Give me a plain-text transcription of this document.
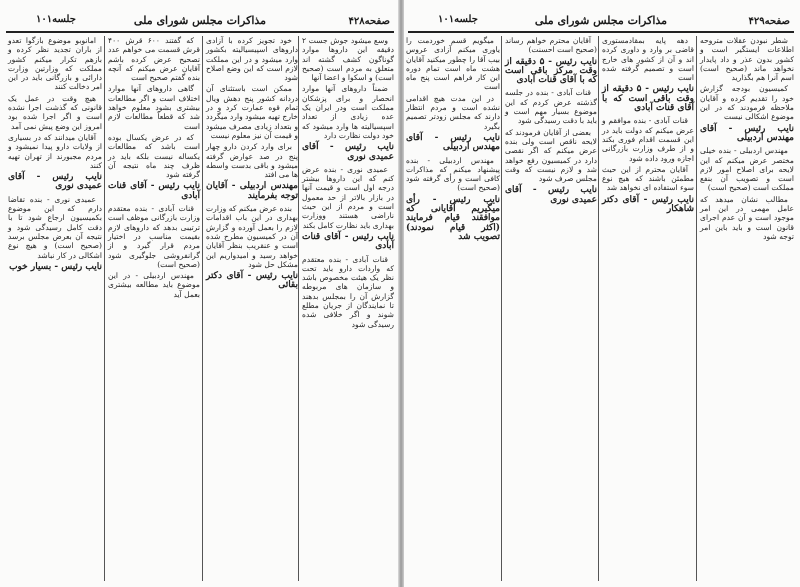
صفحه۴۲۸
مذاکرات مجلس شورای ملی
جلسه۱۰۱

وسع میشود جوش جست ۲ دقیقه این داروها موارد گوناگون کشف گشته اند متعلق به مردم است (صحیح است) و اسکوا و اعضا آنها

ضمناً داروهای آنها موارد انحصار و برای پزشکان مملکت است ودر ایران یک عده زیادی از تعداد اسپسیالیته ها وارد میشود که خود دولت نظارت دارد

نایب رئیس - آقای عمیدی نوری

عمیدی نوری - بنده عرض کنم که این داروها بیشتر درجه اول است و قیمت آنها در بازار بالاتر از حد معمول است و مردم از این حیث ناراضی هستند ووزارت بهداری باید نظارت کامل بکند

نایب رئیس - آقای قنات آبادی

قنات آبادی - بنده معتقدم که واردات دارو باید تحت نظر یک هیئت مخصوص باشد و سازمان های مربوطه گزارش آن را بمجلس بدهند تا نمایندگان از جریان مطلع شوند و اگر خلافی شده رسیدگی شود

خود تجویز کرده با آزادی داروهای اسپیسیالیته بکشور وارد میشود و در این مملکت لازم است که این وضع اصلاح شود

ممکن است باستثنای آن دردانه کشور پنج دهش ویال تمام قوه عمارت کرد و در خارج تهیه میشود وارد میگردد و بتعداد زیادی مصرف میشود و قیمت آن نیز معلوم نیست

برای وارد کردن دارو چهار پنج در صد عوارض گرفته میشود و باقی بدست واسطه ها می افتد

مهندس اردبیلی - آقایان توجه بفرمایند

بنده عرض میکنم که وزارت بهداری در این باب اقدامات لازم را بعمل آورده و گزارش آن در کمیسیون مطرح شده است و عنقریب بنظر آقایان خواهد رسید و امیدواریم این مشکل حل شود

نایب رئیس - آقای دکتر بقائی

که گفتند ۶۰۰ قرش ۴۰۰ قرش قسمت می خواهم عدد تصحیح عرض کرده باشم آقایان عرض میکنم که آنچه بنده گفتم صحیح است

گاهی داروهای آنها موارد اختلاف است و اگر مطالعات بیشتری بشود معلوم خواهد شد که قطعاً مطالعات لازم است

که در عرض یکسال بوده است باشد که مطالعات یکساله نیست بلکه باید در ظرف چند ماه نتیجه آن گرفته شود

نایب رئیس - آقای قنات آبادی

قنات آبادی - بنده معتقدم وزارت بازرگانی موظف است ترتیبی بدهد که داروهای لازم بقیمت مناسب در اختیار مردم قرار گیرد و از گرانفروشی جلوگیری شود (صحیح است)

مهندس اردبیلی - در این موضوع باید مطالعه بیشتری بعمل آید

امانوبو موضوع بازگوا تعدو از باران تجدید نظر کرده و بازهم تکرار میکنم کشور مملکت که وزارتین وزارت دارائی و بازرگانی باید در این امر دخالت کنند

هیچ وقت در عمل یک قانونی که گذشت اجرا نشده است و اگر اجرا شده بود امروز این وضع پیش نمی آمد

آقایان میدانند که در بسیاری از ولایات دارو پیدا نمیشود و مردم مجبورند از تهران تهیه کنند

نایب رئیس - آقای عمیدی نوری

عمیدی نوری - بنده تقاضا دارم که این موضوع بکمیسیون ارجاع شود تا با دقت کامل رسیدگی شود و نتیجه آن بعرض مجلس برسد (صحیح است) و هیچ نوع اشکالی در کار نباشد

نایب رئیس - بسیار خوب

صفحه۴۲۹
مذاکرات مجلس شورای ملی
جلسه۱۰۱

شطر نبودن عقلات متروحه اطلاعات ایستگیر است و کشور بدون عذر و داد پایدار نخواهد ماند (صحیح است) اسم آنرا هم بگذارید

کمیسیون بودجه گزارش خود را تقدیم کرده و آقایان ملاحظه فرمودند که در این موضوع اشکالی نیست

نایب رئیس - آقای مهندس اردبیلی

مهندس اردبیلی - بنده خیلی مختصر عرض میکنم که این لایحه برای اصلاح امور لازم است و تصویب آن بنفع مملکت است (صحیح است)

مطالب نشان میدهد که عامل مهمی در این امر موجود است و آن عدم اجرای قانون است و باید باین امر توجه شود

دهه پایه بمقادمستوری قاضی بر وارد و داوری کرده اند و آن از کشور های خارج است و تصمیم گرفته شده است

نایب رئیس - ۵ دقیقه از وقت باقی است که با آقای قنات آبادی

قنات آبادی - بنده موافقم و عرض میکنم که دولت باید در این قسمت اقدام فوری بکند و از طرف وزارت بازرگانی اجازه ورود داده شود

آقایان محترم از این حیث مطمئن باشند که هیچ نوع سوء استفاده ای نخواهد شد

نایب رئیس - آقای دکتر شاهکار

آقایان محترم خواهم رساند (صحیح است احسنت)

نایب رئیس - ۵ دقیقه از وقت مرکز باقی است که با آقای قنات آبادی

قنات آبادی - بنده در جلسه گذشته عرض کردم که این موضوع بسیار مهم است و باید با دقت رسیدگی شود

بعضی از آقایان فرمودند که لایحه ناقص است ولی بنده عرض میکنم که اگر نقصی دارد در کمیسیون رفع خواهد شد و لازم نیست که وقت مجلس صرف شود

نایب رئیس - آقای عمیدی نوری

میگویم قسم خوردمت را یاوری میکنم آزادی عروس بیب آقا را چطور میکنید آقایان هشت ماه است تمام دوره این کار فراهم است پنج ماه است

در این مدت هیچ اقدامی نشده است و مردم انتظار دارند که مجلس زودتر تصمیم بگیرد

نایب رئیس - آقای مهندس اردبیلی

مهندس اردبیلی - بنده پیشنهاد میکنم که مذاکرات کافی است و رأی گرفته شود (صحیح است)

نایب رئیس - رأی میگیریم آقایانی که موافقند قیام فرمایند (اکثر قیام نمودند) تصویب شد
